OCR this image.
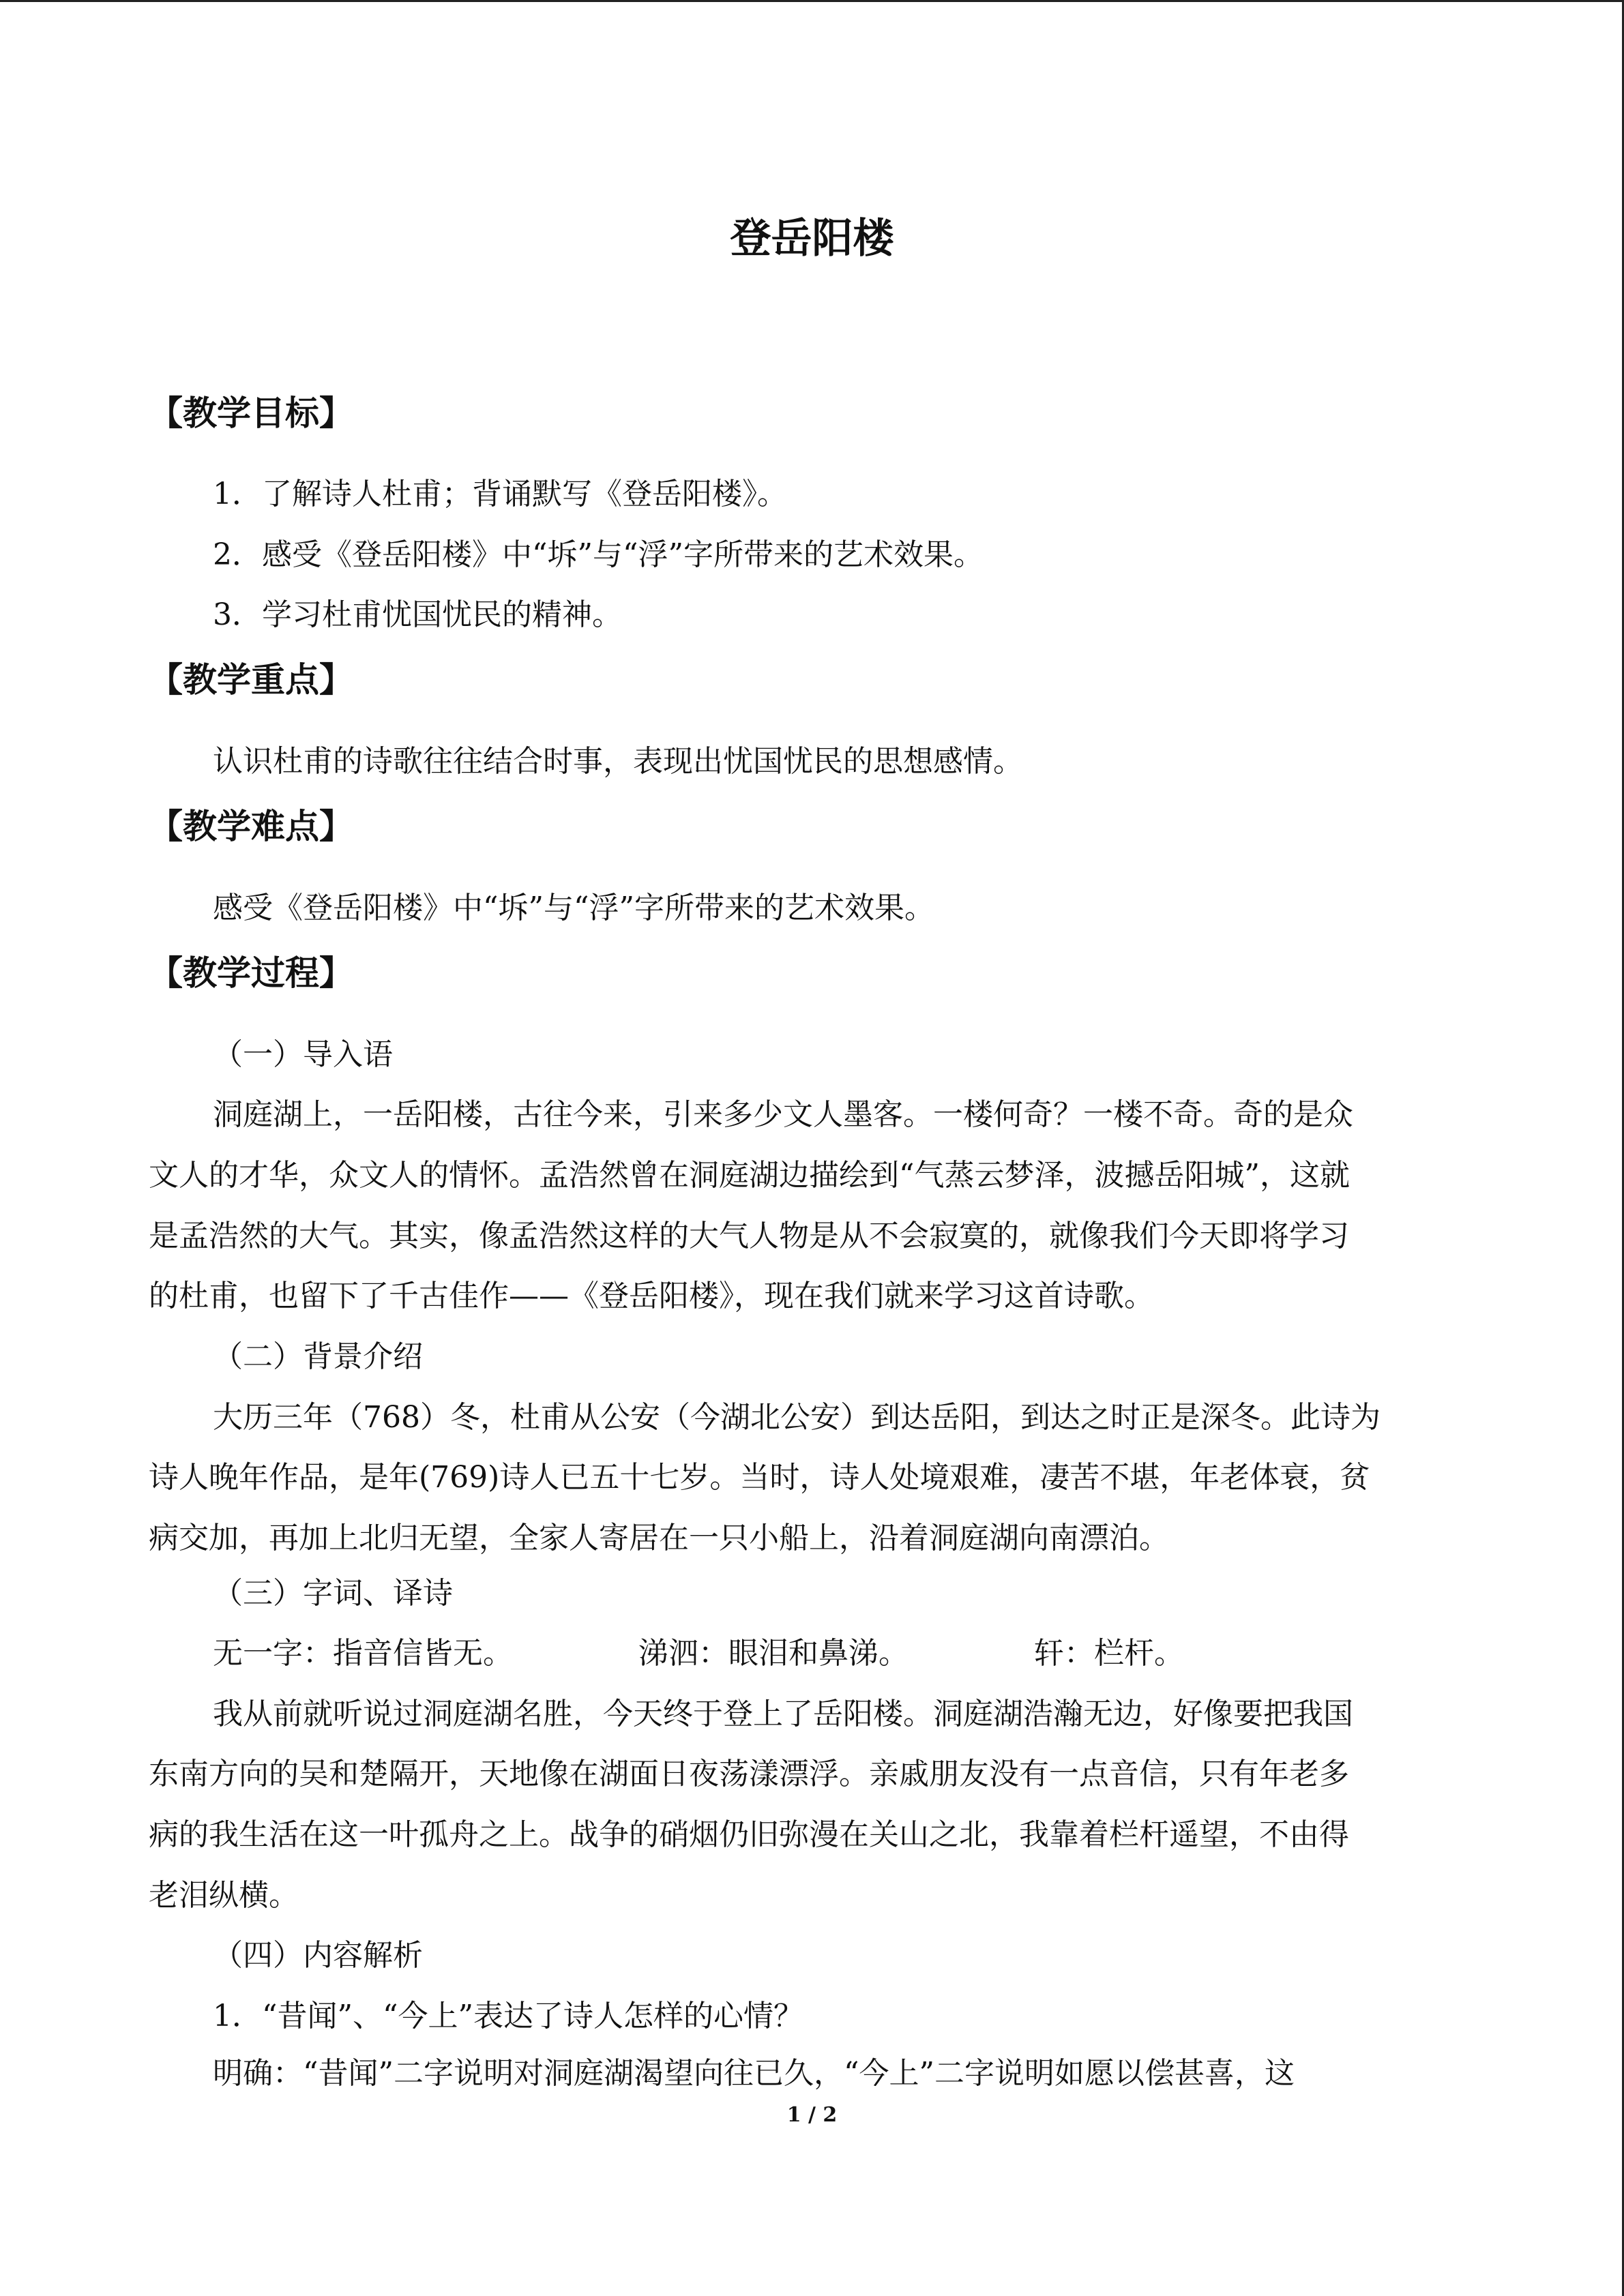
登岳阳楼
【教学目标】
1．了解诗人杜甫；背诵默写《登岳阳楼》。
2．感受《登岳阳楼》中“坼”与“浮”字所带来的艺术效果。
3．学习杜甫忧国忧民的精神。
【教学重点】
认识杜甫的诗歌往往结合时事，表现出忧国忧民的思想感情。
【教学难点】
感受《登岳阳楼》中“坼”与“浮”字所带来的艺术效果。
【教学过程】
（一）导入语
洞庭湖上，一岳阳楼，古往今来，引来多少文人墨客。一楼何奇？一楼不奇。奇的是众
文人的才华，众文人的情怀。孟浩然曾在洞庭湖边描绘到“气蒸云梦泽，波撼岳阳城”，这就
是孟浩然的大气。其实，像孟浩然这样的大气人物是从不会寂寞的，就像我们今天即将学习
的杜甫，也留下了千古佳作——《登岳阳楼》，现在我们就来学习这首诗歌。
（二）背景介绍
大历三年（768）冬，杜甫从公安（今湖北公安）到达岳阳，到达之时正是深冬。此诗为
诗人晚年作品，是年(769)诗人已五十七岁。当时，诗人处境艰难，凄苦不堪，年老体衰，贫
病交加，再加上北归无望，全家人寄居在一只小船上，沿着洞庭湖向南漂泊。
（三）字词、译诗
无一字：指音信皆无。	涕泗：眼泪和鼻涕。	轩：栏杆。
我从前就听说过洞庭湖名胜，今天终于登上了岳阳楼。洞庭湖浩瀚无边，好像要把我国
东南方向的吴和楚隔开，天地像在湖面日夜荡漾漂浮。亲戚朋友没有一点音信，只有年老多
病的我生活在这一叶孤舟之上。战争的硝烟仍旧弥漫在关山之北，我靠着栏杆遥望，不由得
老泪纵横。
（四）内容解析
1．“昔闻”、“今上”表达了诗人怎样的心情？
明确：“昔闻”二字说明对洞庭湖渴望向往已久，“今上”二字说明如愿以偿甚喜，这
1 / 2
